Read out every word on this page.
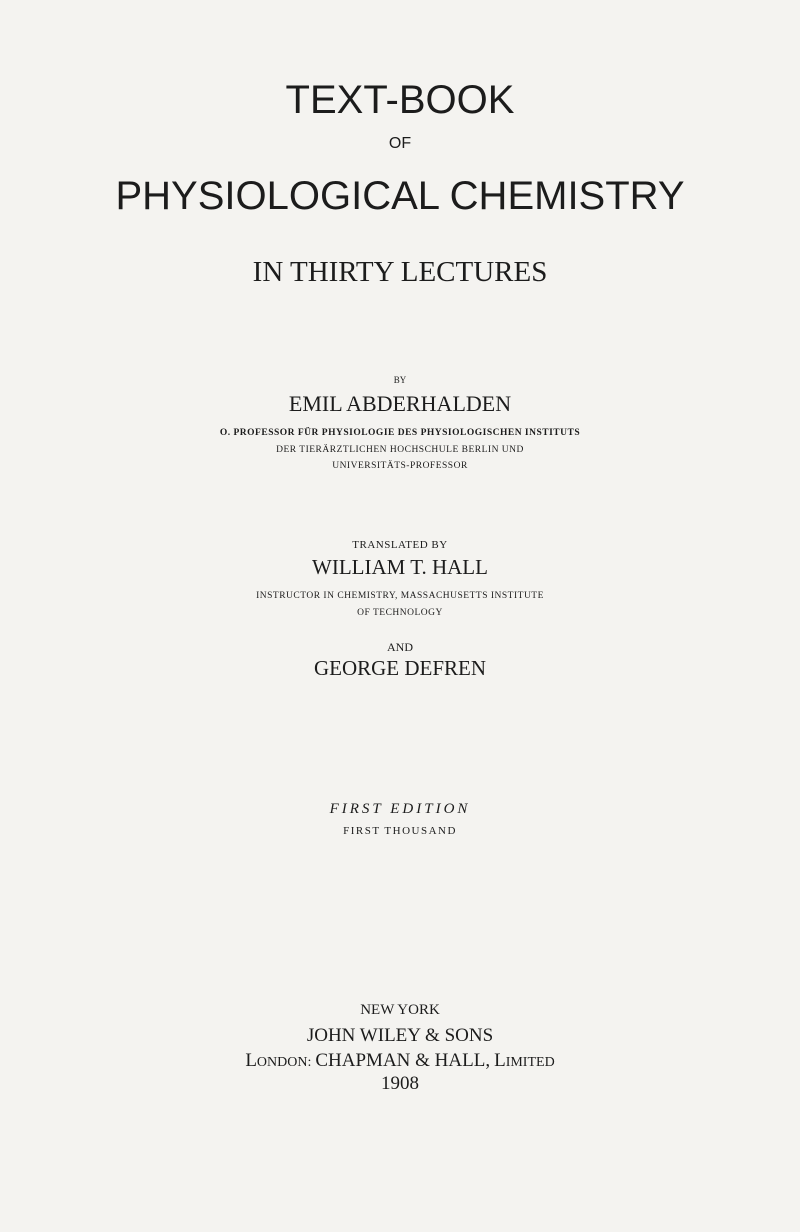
TEXT-BOOK
OF
PHYSIOLOGICAL CHEMISTRY
IN THIRTY LECTURES
BY
EMIL ABDERHALDEN
O. PROFESSOR FÜR PHYSIOLOGIE DES PHYSIOLOGISCHEN INSTITUTS
DER TIERÄRZTLICHEN HOCHSCHULE BERLIN UND
UNIVERSITÄTS-PROFESSOR
TRANSLATED BY
WILLIAM T. HALL
INSTRUCTOR IN CHEMISTRY, MASSACHUSETTS INSTITUTE
OF TECHNOLOGY
AND
GEORGE DEFREN
FIRST EDITION
FIRST THOUSAND
NEW YORK
JOHN WILEY & SONS
LONDON: CHAPMAN & HALL, LIMITED
1908
